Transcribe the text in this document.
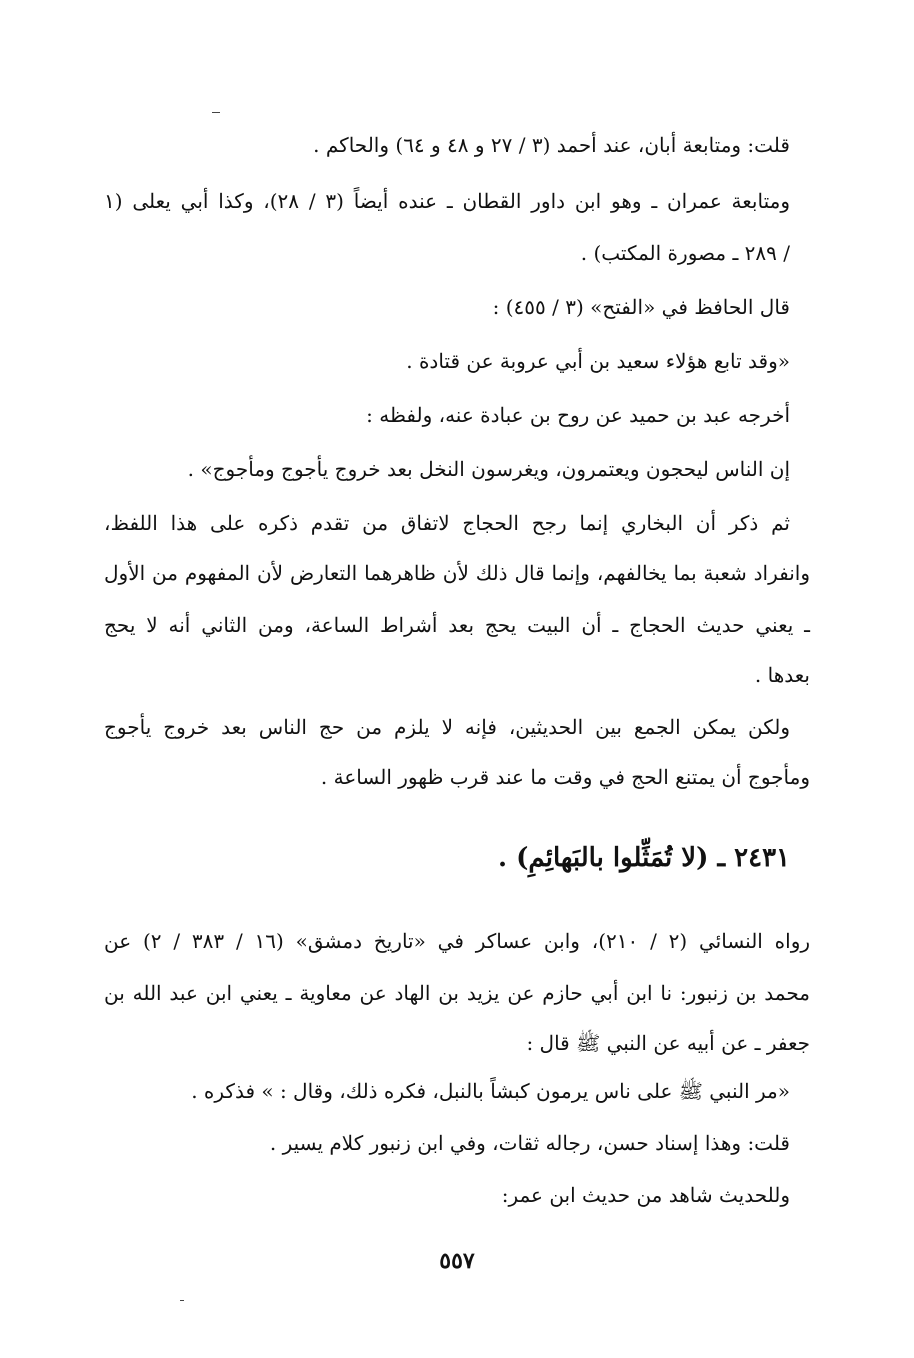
قلت: ومتابعة أبان، عند أحمد (٣ / ٢٧ و ٤٨ و ٦٤) والحاكم .
ومتابعة عمران ـ وهو ابن داور القطان ـ عنده أيضاً (٣ / ٢٨)، وكذا أبي يعلى (١
/ ٢٨٩ ـ مصورة المكتب) .
قال الحافظ في «الفتح» (٣ / ٤٥٥) :
«وقد تابع هؤلاء سعيد بن أبي عروبة عن قتادة .
أخرجه عبد بن حميد عن روح بن عبادة عنه، ولفظه :
إن الناس ليحجون ويعتمرون، ويغرسون النخل بعد خروج يأجوج ومأجوج» .
ثم ذكر أن البخاري إنما رجح الحجاج لاتفاق من تقدم ذكره على هذا اللفظ،
وانفراد شعبة بما يخالفهم، وإنما قال ذلك لأن ظاهرهما التعارض لأن المفهوم من الأول
ـ يعني حديث الحجاج ـ أن البيت يحج بعد أشراط الساعة، ومن الثاني أنه لا يحج
بعدها .
ولكن يمكن الجمع بين الحديثين، فإنه لا يلزم من حج الناس بعد خروج يأجوج
ومأجوج أن يمتنع الحج في وقت ما عند قرب ظهور الساعة .
٢٤٣١ ـ (لا تُمَثِّلوا بالبَهائِمِ) .
رواه النسائي (٢ / ٢١٠)، وابن عساكر في «تاريخ دمشق» (١٦ / ٣٨٣ / ٢) عن
محمد بن زنبور: نا ابن أبي حازم عن يزيد بن الهاد عن معاوية ـ يعني ابن عبد الله بن
جعفر ـ عن أبيه عن النبي ﷺ قال :
«مر النبي ﷺ على ناس يرمون كبشاً بالنبل، فكره ذلك، وقال : » فذكره .
قلت: وهذا إسناد حسن، رجاله ثقات، وفي ابن زنبور كلام يسير .
وللحديث شاهد من حديث ابن عمر:
٥٥٧
